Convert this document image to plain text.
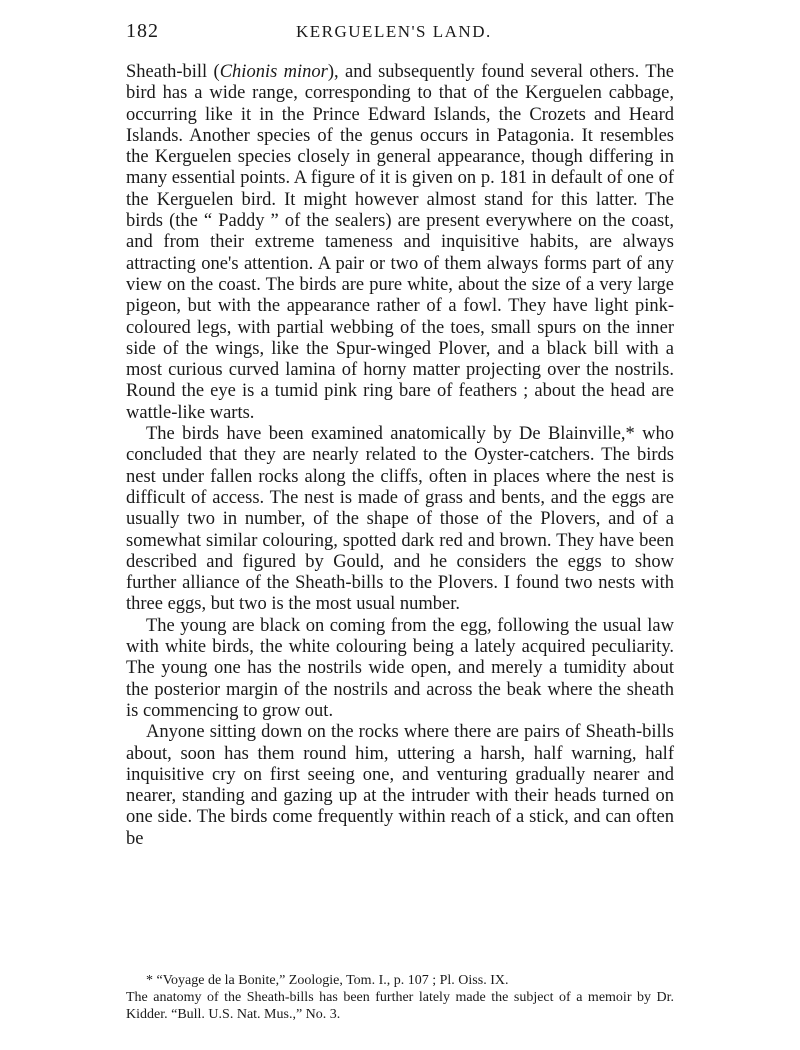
182	KERGUELEN'S LAND.

Sheath-bill (Chionis minor), and subsequently found several others. The bird has a wide range, corresponding to that of the Kerguelen cabbage, occurring like it in the Prince Edward Islands, the Crozets and Heard Islands. Another species of the genus occurs in Patagonia. It resembles the Kerguelen species closely in general appearance, though differing in many essential points. A figure of it is given on p. 181 in default of one of the Kerguelen bird. It might however almost stand for this latter. The birds (the “ Paddy ” of the sealers) are present everywhere on the coast, and from their extreme tameness and inquisitive habits, are always attracting one's attention. A pair or two of them always forms part of any view on the coast. The birds are pure white, about the size of a very large pigeon, but with the appearance rather of a fowl. They have light pink-coloured legs, with partial webbing of the toes, small spurs on the inner side of the wings, like the Spur-winged Plover, and a black bill with a most curious curved lamina of horny matter projecting over the nostrils. Round the eye is a tumid pink ring bare of feathers ; about the head are wattle-like warts.

The birds have been examined anatomically by De Blainville,* who concluded that they are nearly related to the Oyster-catchers. The birds nest under fallen rocks along the cliffs, often in places where the nest is difficult of access. The nest is made of grass and bents, and the eggs are usually two in number, of the shape of those of the Plovers, and of a somewhat similar colouring, spotted dark red and brown. They have been described and figured by Gould, and he considers the eggs to show further alliance of the Sheath-bills to the Plovers. I found two nests with three eggs, but two is the most usual number.

The young are black on coming from the egg, following the usual law with white birds, the white colouring being a lately acquired peculiarity. The young one has the nostrils wide open, and merely a tumidity about the posterior margin of the nostrils and across the beak where the sheath is commencing to grow out.

Anyone sitting down on the rocks where there are pairs of Sheath-bills about, soon has them round him, uttering a harsh, half warning, half inquisitive cry on first seeing one, and venturing gradually nearer and nearer, standing and gazing up at the intruder with their heads turned on one side. The birds come frequently within reach of a stick, and can often be

* “Voyage de la Bonite,” Zoologie, Tom. I., p. 107 ; Pl. Oiss. IX.

The anatomy of the Sheath-bills has been further lately made the subject of a memoir by Dr. Kidder. “Bull. U.S. Nat. Mus.,” No. 3.
